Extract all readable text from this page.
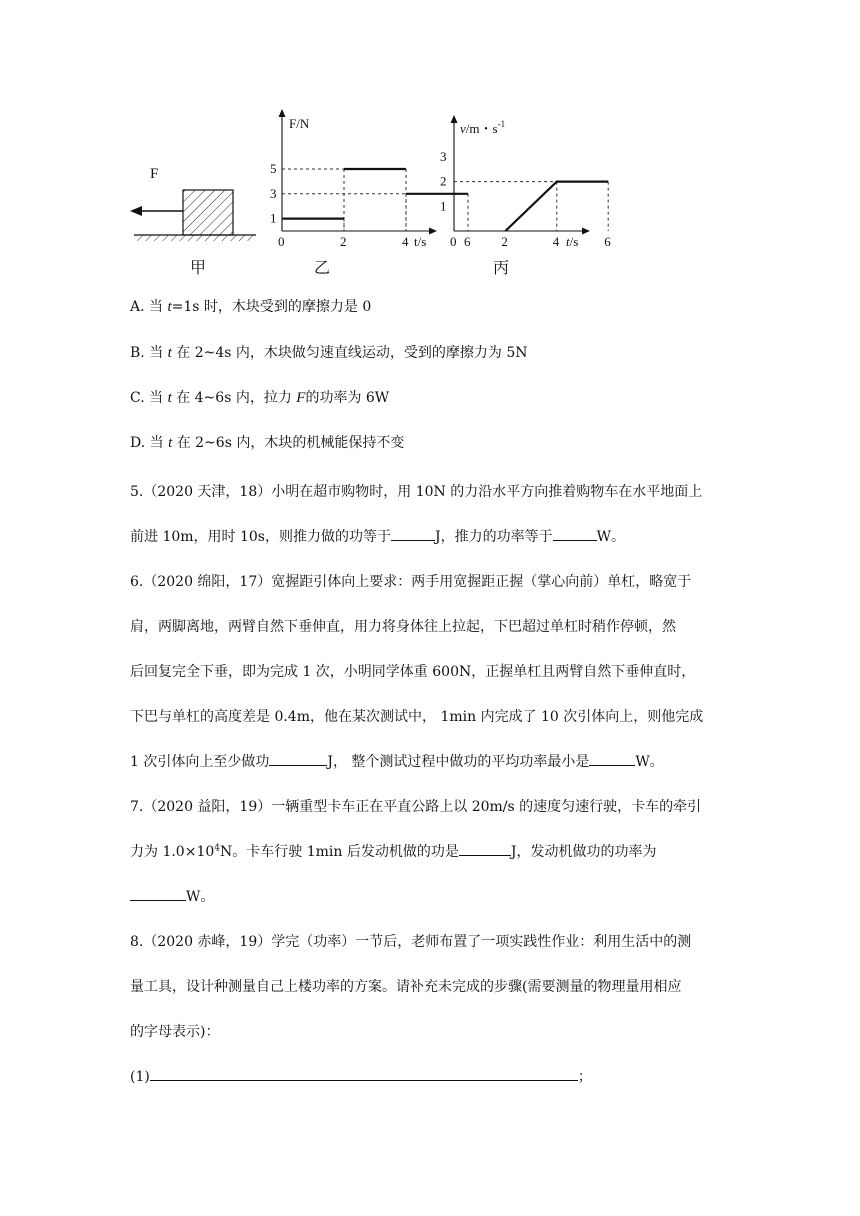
F
甲
F/N
t/s
0	2	4	6
1
3
5
乙
v/m・$s^{-1}$
t/s
0	2	4	6
1
2
3
丙
A. 当 t=1s 时，木块受到的摩擦力是 0
B. 当 t 在 2~4s 内，木块做匀速直线运动，受到的摩擦力为 5N
C. 当 t 在 4~6s 内，拉力 F的功率为 6W
D. 当 t 在 2~6s 内，木块的机械能保持不变
5.（2020 天津，18）小明在超市购物时，用 10N 的力沿水平方向推着购物车在水平地面上
前进 10m，用时 10s，则推力做的功等于	J，推力的功率等于	W。
6.（2020 绵阳，17）宽握距引体向上要求：两手用宽握距正握（掌心向前）单杠，略宽于
肩，两脚离地，两臂自然下垂伸直，用力将身体往上拉起，下巴超过单杠时稍作停顿，然
后回复完全下垂，即为完成 1 次，小明同学体重 600N，正握单杠且两臂自然下垂伸直时，
下巴与单杠的高度差是 0.4m，他在某次测试中， 1min 内完成了 10 次引体向上，则他完成
1 次引体向上至少做功	J， 整个测试过程中做功的平均功率最小是	W。
7.（2020 益阳，19）一辆重型卡车正在平直公路上以 20m/s 的速度匀速行驶，卡车的牵引
力为 $1.0\times 10^4N$。卡车行驶 1min 后发动机做的功是	J，发动机做功的功率为
W。
8.（2020 赤峰，19）学完（功率）一节后，老师布置了一项实践性作业：利用生活中的测
量工具，设计种测量自己上楼功率的方案。请补充未完成的步骤(需要测量的物理量用相应
的字母表示)：
(1)	；
